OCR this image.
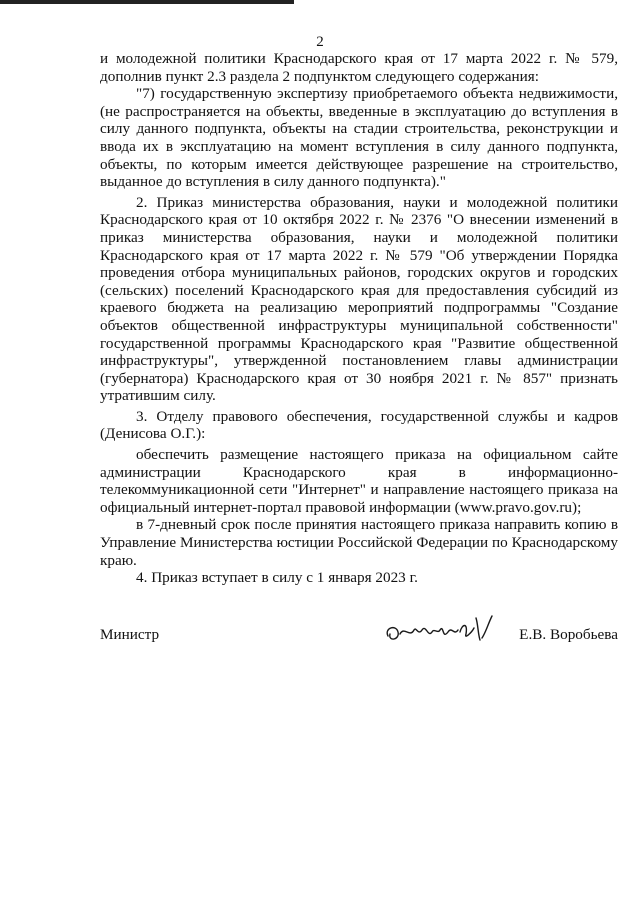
2

и молодежной политики Краснодарского края от 17 марта 2022 г. № 579, дополнив пункт 2.3 раздела 2 подпунктом следующего содержания:

"7) государственную экспертизу приобретаемого объекта недвижимости, (не распространяется на объекты, введенные в эксплуатацию до вступления в силу данного подпункта, объекты на стадии строительства, реконструкции и ввода их в эксплуатацию на момент вступления в силу данного подпункта, объекты, по которым имеется действующее разрешение на строительство, выданное до вступления в силу данного подпункта)."

2. Приказ министерства образования, науки и молодежной политики Краснодарского края от 10 октября 2022 г. № 2376 "О внесении изменений в приказ министерства образования, науки и молодежной политики Краснодарского края от 17 марта 2022 г. № 579 "Об утверждении Порядка проведения отбора муниципальных районов, городских округов и городских (сельских) поселений Краснодарского края для предоставления субсидий из краевого бюджета на реализацию мероприятий подпрограммы "Создание объектов общественной инфраструктуры муниципальной собственности" государственной программы Краснодарского края "Развитие общественной инфраструктуры", утвержденной постановлением главы администрации (губернатора) Краснодарского края от 30 ноября 2021 г. № 857" признать утратившим силу.

3. Отделу правового обеспечения, государственной службы и кадров (Денисова О.Г.):

обеспечить размещение настоящего приказа на официальном сайте администрации Краснодарского края в информационно-телекоммуникационной сети "Интернет" и направление настоящего приказа на официальный интернет-портал правовой информации (www.pravo.gov.ru);

в 7-дневный срок после принятия настоящего приказа направить копию в Управление Министерства юстиции Российской Федерации по Краснодарскому краю.

4. Приказ вступает в силу с 1 января 2023 г.

Министр	Е.В. Воробьева
